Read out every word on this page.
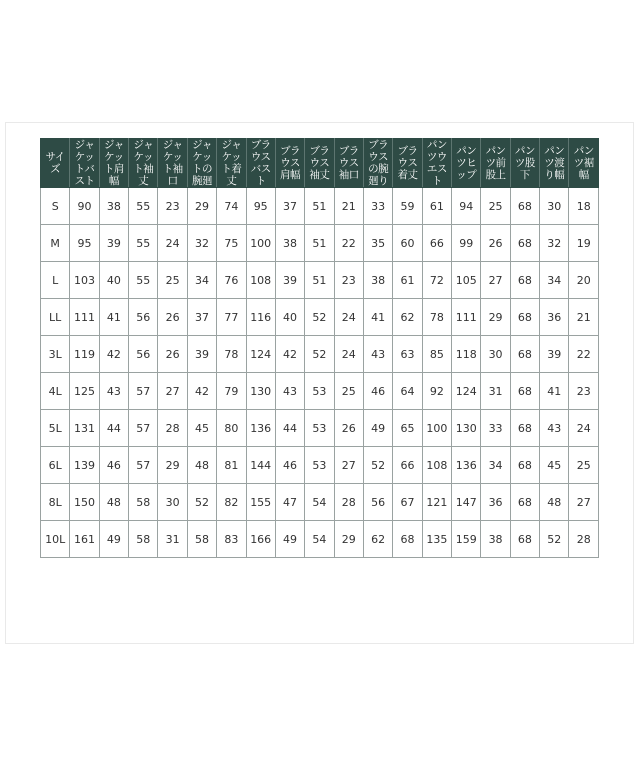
サイズ	ジャケットバスト	ジャケット肩幅	ジャケット袖丈	ジャケット袖口	ジャケットの腕廻	ジャケット着丈	ブラウスバスト	ブラウス肩幅	ブラウス袖丈	ブラウス袖口	ブラウスの腕廻り	ブラウス着丈	パンツウエスト	パンツヒップ	パンツ前股上	パンツ股下	パンツ渡り幅	パンツ裾幅
S	90	38	55	23	29	74	95	37	51	21	33	59	61	94	25	68	30	18
M	95	39	55	24	32	75	100	38	51	22	35	60	66	99	26	68	32	19
L	103	40	55	25	34	76	108	39	51	23	38	61	72	105	27	68	34	20
LL	111	41	56	26	37	77	116	40	52	24	41	62	78	111	29	68	36	21
3L	119	42	56	26	39	78	124	42	52	24	43	63	85	118	30	68	39	22
4L	125	43	57	27	42	79	130	43	53	25	46	64	92	124	31	68	41	23
5L	131	44	57	28	45	80	136	44	53	26	49	65	100	130	33	68	43	24
6L	139	46	57	29	48	81	144	46	53	27	52	66	108	136	34	68	45	25
8L	150	48	58	30	52	82	155	47	54	28	56	67	121	147	36	68	48	27
10L	161	49	58	31	58	83	166	49	54	29	62	68	135	159	38	68	52	28
